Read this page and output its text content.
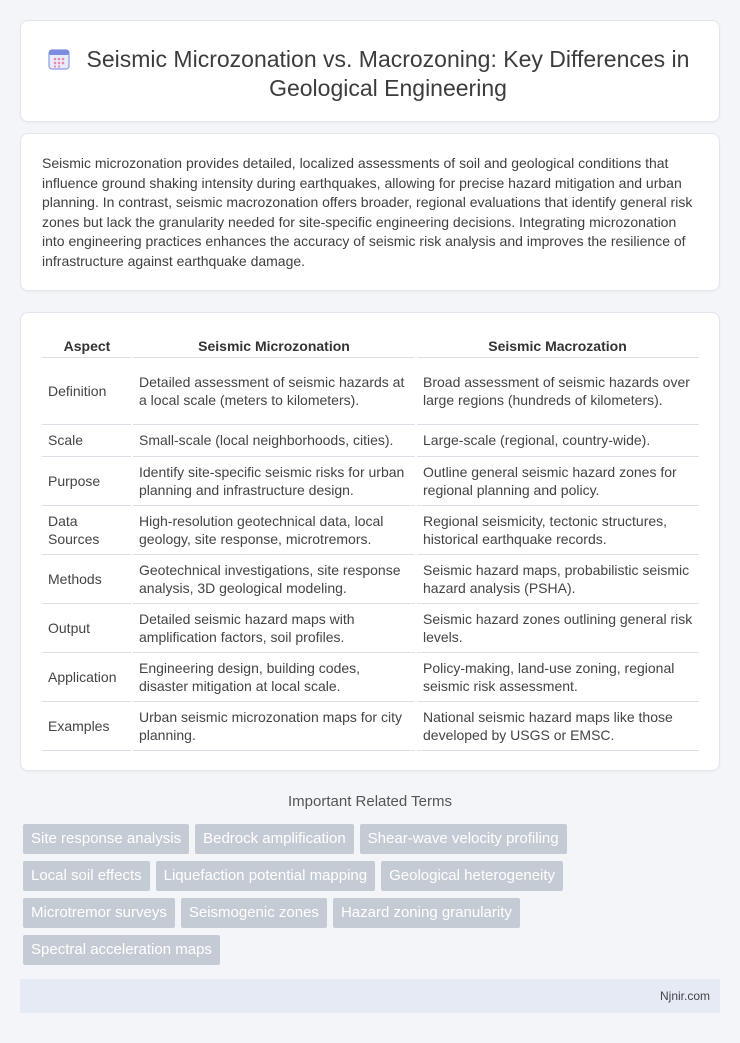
Seismic Microzonation vs. Macrozoning: Key Differences in Geological Engineering

Seismic microzonation provides detailed, localized assessments of soil and geological conditions that influence ground shaking intensity during earthquakes, allowing for precise hazard mitigation and urban planning. In contrast, seismic macrozonation offers broader, regional evaluations that identify general risk zones but lack the granularity needed for site-specific engineering decisions. Integrating microzonation into engineering practices enhances the accuracy of seismic risk analysis and improves the resilience of infrastructure against earthquake damage.

Aspect	Seismic Microzonation	Seismic Macrozation
Definition	Detailed assessment of seismic hazards at a local scale (meters to kilometers).	Broad assessment of seismic hazards over large regions (hundreds of kilometers).
Scale	Small-scale (local neighborhoods, cities).	Large-scale (regional, country-wide).
Purpose	Identify site-specific seismic risks for urban planning and infrastructure design.	Outline general seismic hazard zones for regional planning and policy.
Data Sources	High-resolution geotechnical data, local geology, site response, microtremors.	Regional seismicity, tectonic structures, historical earthquake records.
Methods	Geotechnical investigations, site response analysis, 3D geological modeling.	Seismic hazard maps, probabilistic seismic hazard analysis (PSHA).
Output	Detailed seismic hazard maps with amplification factors, soil profiles.	Seismic hazard zones outlining general risk levels.
Application	Engineering design, building codes, disaster mitigation at local scale.	Policy-making, land-use zoning, regional seismic risk assessment.
Examples	Urban seismic microzonation maps for city planning.	National seismic hazard maps like those developed by USGS or EMSC.
Important Related Terms
Site response analysis	Bedrock amplification	Shear-wave velocity profiling
Local soil effects	Liquefaction potential mapping	Geological heterogeneity
Microtremor surveys	Seismogenic zones	Hazard zoning granularity
Spectral acceleration maps
Njnir.com
